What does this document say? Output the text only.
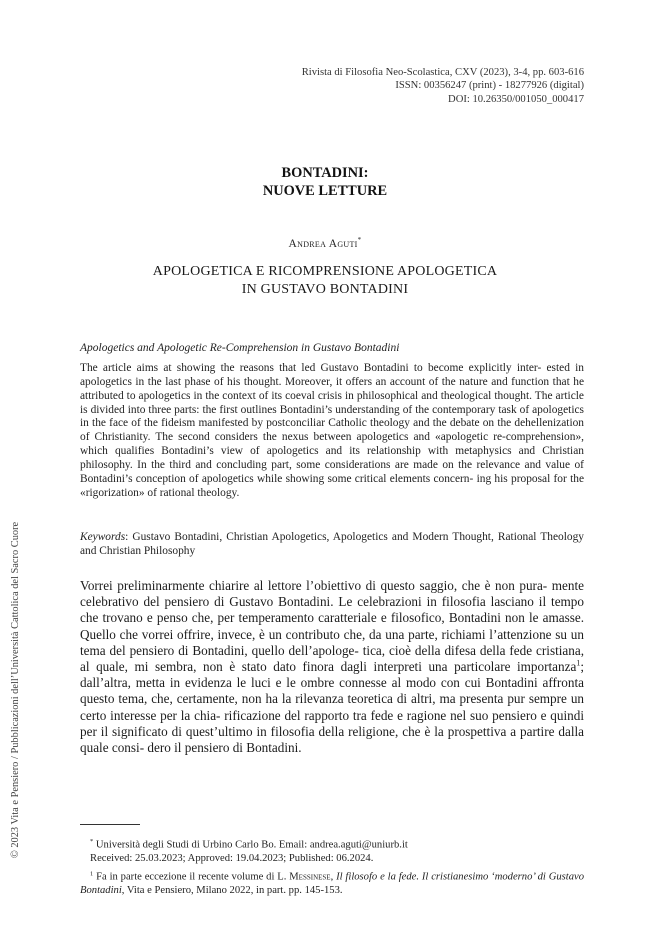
Rivista di Filosofia Neo-Scolastica, CXV (2023), 3-4, pp. 603-616
ISSN: 00356247 (print) - 18277926 (digital)
DOI: 10.26350/001050_000417
BONTADINI:
NUOVE LETTURE
Andrea Aguti*
APOLOGETICA E RICOMPRENSIONE APOLOGETICA
IN GUSTAVO BONTADINI
Apologetics and Apologetic Re-Comprehension in Gustavo Bontadini
The article aims at showing the reasons that led Gustavo Bontadini to become explicitly inter- ested in apologetics in the last phase of his thought. Moreover, it offers an account of the nature and function that he attributed to apologetics in the context of its coeval crisis in philosophical and theological thought. The article is divided into three parts: the first outlines Bontadini’s understanding of the contemporary task of apologetics in the face of the fideism manifested by postconciliar Catholic theology and the debate on the dehellenization of Christianity. The second considers the nexus between apologetics and «apologetic re-comprehension», which qualifies Bontadini’s view of apologetics and its relationship with metaphysics and Christian philosophy. In the third and concluding part, some considerations are made on the relevance and value of Bontadini’s conception of apologetics while showing some critical elements concern- ing his proposal for the «rigorization» of rational theology.
Keywords: Gustavo Bontadini, Christian Apologetics, Apologetics and Modern Thought, Rational Theology and Christian Philosophy
Vorrei preliminarmente chiarire al lettore l’obiettivo di questo saggio, che è non pura- mente celebrativo del pensiero di Gustavo Bontadini. Le celebrazioni in filosofia lasciano il tempo che trovano e penso che, per temperamento caratteriale e filosofico, Bontadini non le amasse. Quello che vorrei offrire, invece, è un contributo che, da una parte, richiami l’attenzione su un tema del pensiero di Bontadini, quello dell’apologe- tica, cioè della difesa della fede cristiana, al quale, mi sembra, non è stato dato finora dagli interpreti una particolare importanza$^1$; dall’altra, metta in evidenza le luci e le ombre connesse al modo con cui Bontadini affronta questo tema, che, certamente, non ha la rilevanza teoretica di altri, ma presenta pur sempre un certo interesse per la chia- rificazione del rapporto tra fede e ragione nel suo pensiero e quindi per il significato di quest’ultimo in filosofia della religione, che è la prospettiva a partire dalla quale consi- dero il pensiero di Bontadini.
* Università degli Studi di Urbino Carlo Bo. Email: andrea.aguti@uniurb.it
Received: 25.03.2023; Approved: 19.04.2023; Published: 06.2024.
$^1$ Fa in parte eccezione il recente volume di L. Messinese, Il filosofo e la fede. Il cristianesimo ‘moderno’ di Gustavo Bontadini, Vita e Pensiero, Milano 2022, in part. pp. 145-153.
© 2023 Vita e Pensiero / Pubblicazioni dell’Università Cattolica del Sacro Cuore
